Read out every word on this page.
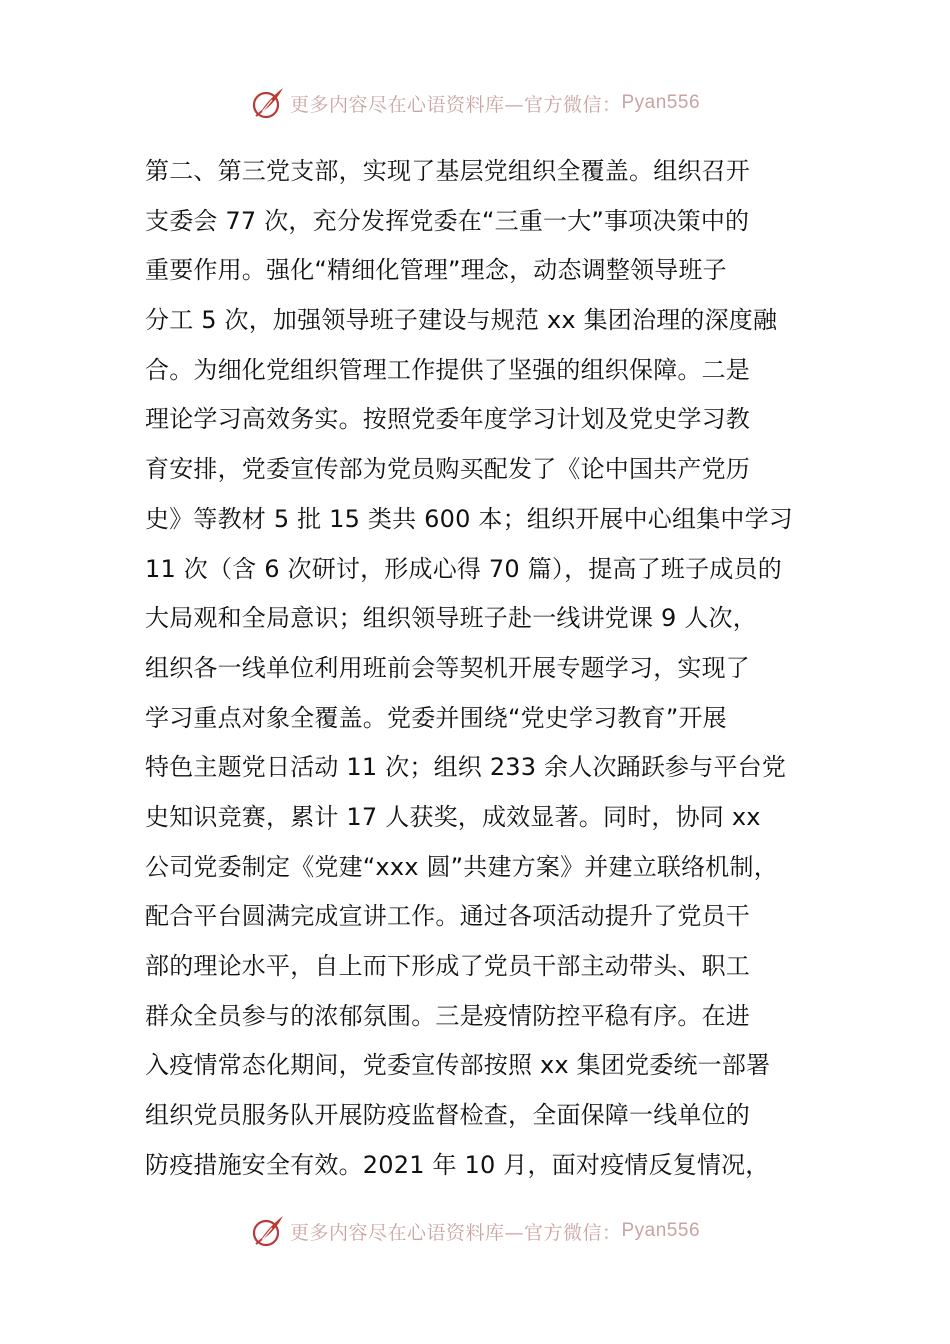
更多内容尽在心语资料库—官方微信： Pyan556
第二、第三党支部，实现了基层党组织全覆盖。组织召开
支委会 77 次，充分发挥党委在“三重一大”事项决策中的
重要作用。强化“精细化管理”理念，动态调整领导班子
分工 5 次，加强领导班子建设与规范 xx 集团治理的深度融
合。为细化党组织管理工作提供了坚强的组织保障。二是
理论学习高效务实。按照党委年度学习计划及党史学习教
育安排，党委宣传部为党员购买配发了《论中国共产党历
史》等教材 5 批 15 类共 600 本；组织开展中心组集中学习
11 次（含 6 次研讨，形成心得 70 篇），提高了班子成员的
大局观和全局意识；组织领导班子赴一线讲党课 9 人次，
组织各一线单位利用班前会等契机开展专题学习，实现了
学习重点对象全覆盖。党委并围绕“党史学习教育”开展
特色主题党日活动 11 次；组织 233 余人次踊跃参与平台党
史知识竞赛，累计 17 人获奖，成效显著。同时，协同 xx
公司党委制定《党建“xxx 圆”共建方案》并建立联络机制，
配合平台圆满完成宣讲工作。通过各项活动提升了党员干
部的理论水平，自上而下形成了党员干部主动带头、职工
群众全员参与的浓郁氛围。三是疫情防控平稳有序。在进
入疫情常态化期间，党委宣传部按照 xx 集团党委统一部署
组织党员服务队开展防疫监督检查，全面保障一线单位的
防疫措施安全有效。2021 年 10 月，面对疫情反复情况，
更多内容尽在心语资料库—官方微信： Pyan556
